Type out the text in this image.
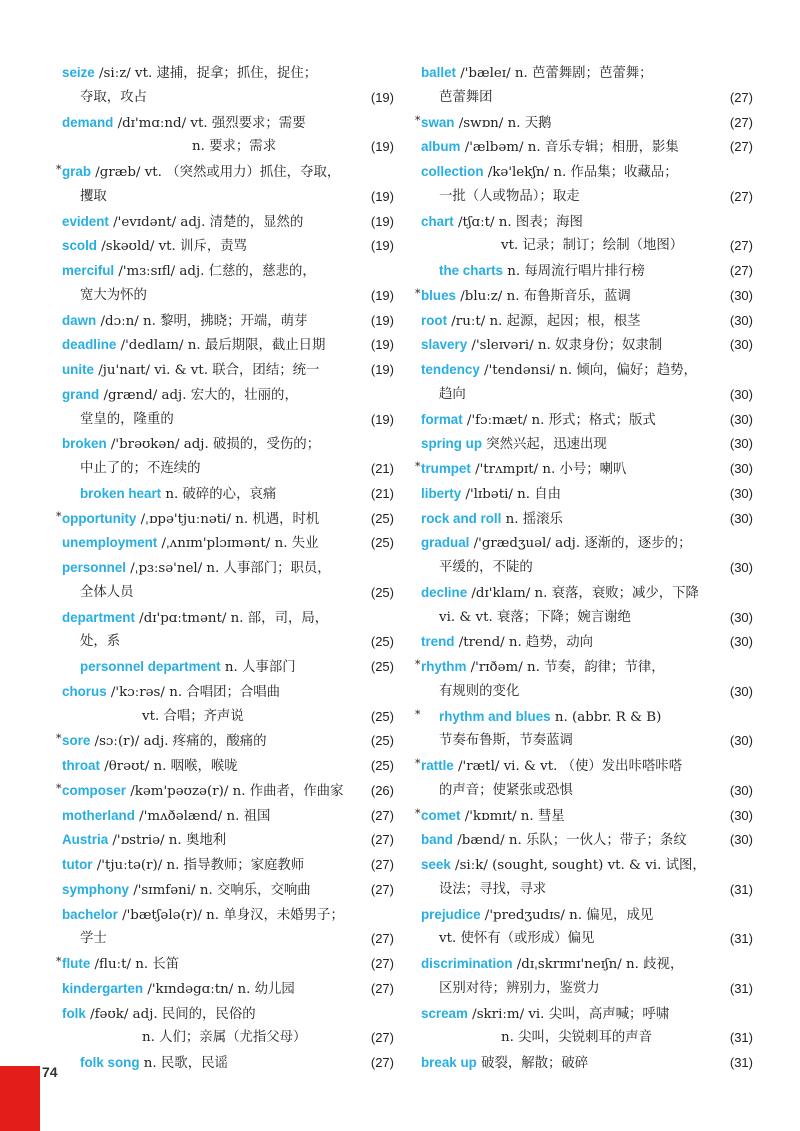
seize /siːz/ vt. 逮捕，捉拿；抓住，捉住；
夺取，攻占	(19)
demand /dɪ'mɑːnd/ vt. 强烈要求；需要
n. 要求；需求	(19)
* grab /græb/ vt. （突然或用力）抓住，夺取，
攫取	(19)
evident /'evɪdənt/ adj. 清楚的，显然的	(19)
scold /skəʊld/ vt. 训斥，责骂	(19)
merciful /'mɜːsɪfl/ adj. 仁慈的，慈悲的，
宽大为怀的	(19)
dawn /dɔːn/ n. 黎明，拂晓；开端，萌芽	(19)
deadline /'dedlaɪn/ n. 最后期限，截止日期	(19)
unite /ju'naɪt/ vi. & vt. 联合，团结；统一	(19)
grand /grænd/ adj. 宏大的，壮丽的，
堂皇的，隆重的	(19)
broken /'brəʊkən/ adj. 破损的，受伤的；
中止了的；不连续的	(21)
broken heart n. 破碎的心，哀痛	(21)
* opportunity /ˌɒpə'tjuːnəti/ n. 机遇，时机	(25)
unemployment /ˌʌnɪm'plɔɪmənt/ n. 失业	(25)
personnel /ˌpɜːsə'nel/ n. 人事部门；职员，
全体人员	(25)
department /dɪ'pɑːtmənt/ n. 部，司，局，
处，系	(25)
personnel department n. 人事部门	(25)
chorus /'kɔːrəs/ n. 合唱团；合唱曲
vt. 合唱；齐声说	(25)
* sore /sɔː(r)/ adj. 疼痛的，酸痛的	(25)
throat /θrəʊt/ n. 咽喉，喉咙	(25)
* composer /kəm'pəʊzə(r)/ n. 作曲者，作曲家 (26)
motherland /'mʌðəlænd/ n. 祖国	(27)
Austria /'ɒstriə/ n. 奥地利	(27)
tutor /'tjuːtə(r)/ n. 指导教师；家庭教师	(27)
symphony /'sɪmfəni/ n. 交响乐，交响曲	(27)
bachelor /'bætʃələ(r)/ n. 单身汉，未婚男子；
学士	(27)
* flute /fluːt/ n. 长笛	(27)
kindergarten /'kɪndəgɑːtn/ n. 幼儿园	(27)
folk /fəʊk/ adj. 民间的，民俗的
n. 人们；亲属（尤指父母）	(27)
folk song n. 民歌，民谣	(27)
ballet /'bæleɪ/ n. 芭蕾舞剧；芭蕾舞；
芭蕾舞团	(27)
* swan /swɒn/ n. 天鹅	(27)
album /'ælbəm/ n. 音乐专辑；相册，影集	(27)
collection /kə'lekʃn/ n. 作品集；收藏品；
一批（人或物品）；取走	(27)
chart /tʃɑːt/ n. 图表；海图
vt. 记录；制订；绘制（地图）	(27)
the charts n. 每周流行唱片排行榜	(27)
* blues /bluːz/ n. 布鲁斯音乐，蓝调	(30)
root /ruːt/ n. 起源，起因；根，根茎	(30)
slavery /'sleɪvəri/ n. 奴隶身份；奴隶制	(30)
tendency /'tendənsi/ n. 倾向，偏好；趋势，
趋向	(30)
format /'fɔːmæt/ n. 形式；格式；版式	(30)
spring up 突然兴起，迅速出现	(30)
* trumpet /'trʌmpɪt/ n. 小号；喇叭	(30)
liberty /'lɪbəti/ n. 自由	(30)
rock and roll n. 摇滚乐	(30)
gradual /'grædʒuəl/ adj. 逐渐的，逐步的；
平缓的，不陡的	(30)
decline /dɪ'klaɪn/ n. 衰落，衰败；减少，下降
vi. & vt. 衰落；下降；婉言谢绝	(30)
trend /trend/ n. 趋势，动向	(30)
* rhythm /'rɪðəm/ n. 节奏，韵律；节律，
有规则的变化	(30)
* rhythm and blues n. (abbr. R & B)
节奏布鲁斯，节奏蓝调	(30)
* rattle /'rætl/ vi. & vt. （使）发出咔嗒咔嗒
的声音；使紧张或恐惧	(30)
* comet /'kɒmɪt/ n. 彗星	(30)
band /bænd/ n. 乐队；一伙人；带子；条纹	(30)
seek /siːk/ (sought, sought) vt. & vi. 试图，
设法；寻找，寻求	(31)
prejudice /'predʒudɪs/ n. 偏见，成见
vt. 使怀有（或形成）偏见	(31)
discrimination /dɪˌskrɪmɪ'neɪʃn/ n. 歧视，
区别对待；辨别力，鉴赏力	(31)
scream /skriːm/ vi. 尖叫，高声喊；呼啸
n. 尖叫，尖锐刺耳的声音	(31)
break up 破裂，解散；破碎	(31)
74
